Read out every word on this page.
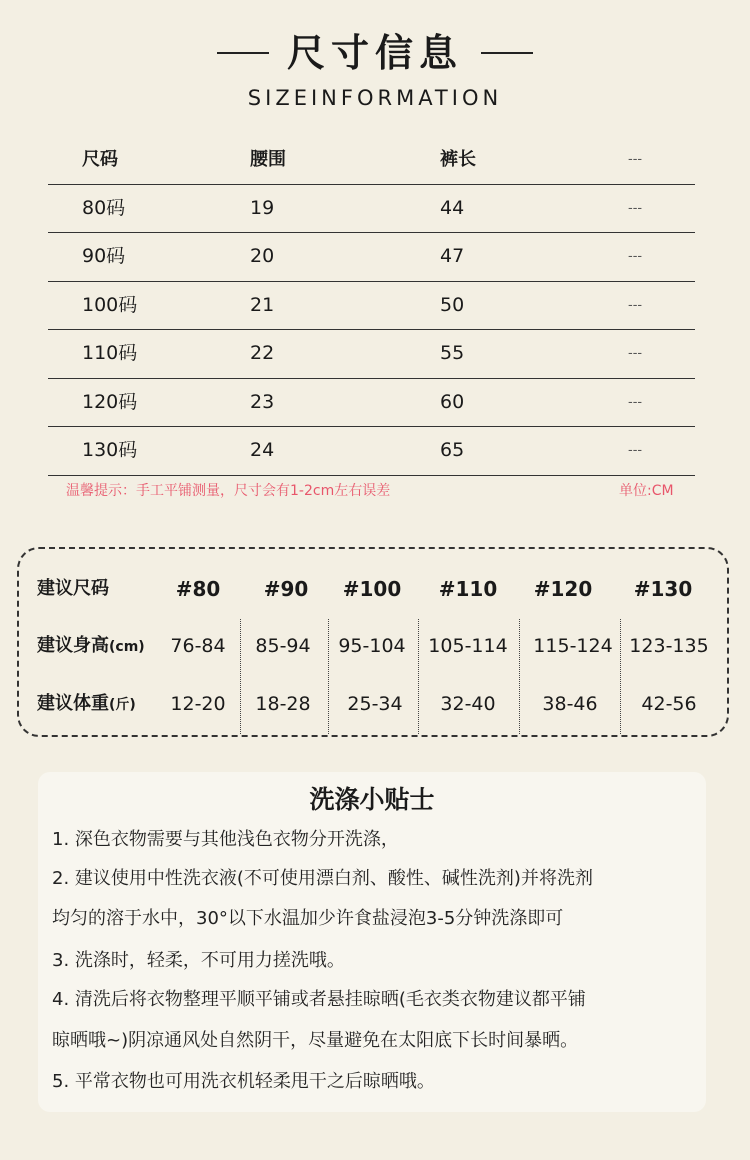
尺寸信息
SIZEINFORMATION
尺码	腰围	裤长	---
80码	19	44	---
90码	20	47	---
100码	21	50	---
110码	22	55	---
120码	23	60	---
130码	24	65	---
温馨提示：手工平铺测量，尺寸会有1-2cm左右误差	单位:CM
建议尺码	#80 #90 #100 #110 #120 #130
建议身高(cm) 76-84 85-94 95-104 105-114 115-124 123-135
建议体重(斤) 12-20 18-28 25-34 32-40 38-46 42-56
洗涤小贴士
1. 深色衣物需要与其他浅色衣物分开洗涤，
2. 建议使用中性洗衣液(不可使用漂白剂、酸性、碱性洗剂)并将洗剂
均匀的溶于水中，30°以下水温加少许食盐浸泡3-5分钟洗涤即可
3. 洗涤时，轻柔，不可用力搓洗哦。
4. 清洗后将衣物整理平顺平铺或者悬挂晾晒(毛衣类衣物建议都平铺
晾晒哦~)阴凉通风处自然阴干，尽量避免在太阳底下长时间暴晒。
5. 平常衣物也可用洗衣机轻柔甩干之后晾晒哦。
